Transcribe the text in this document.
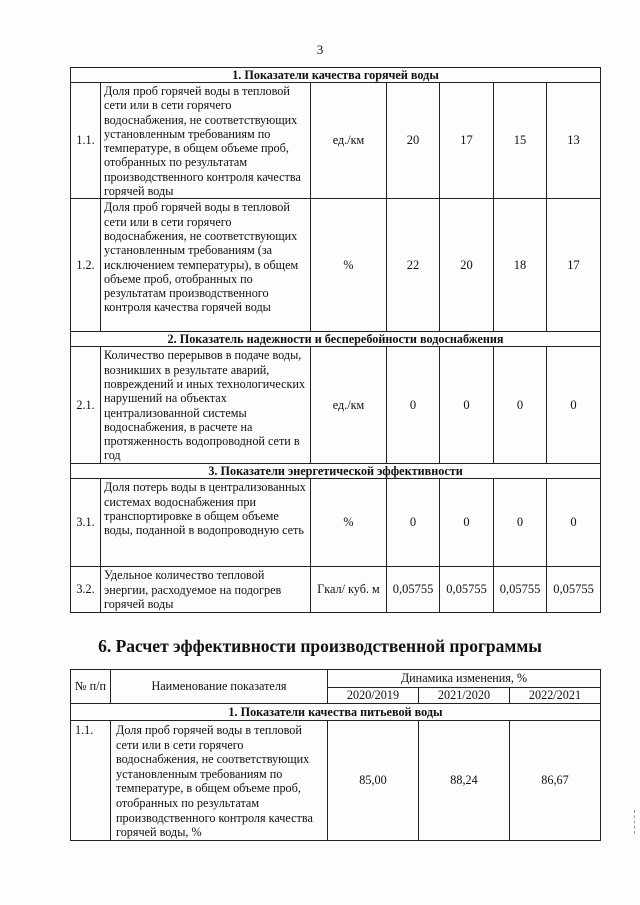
3
1. Показатели качества горячей воды						
1.1.	Доля проб горячей воды в тепловой сети или в сети горячего водоснабжения, не соответствующих установленным требованиям по температуре, в общем объеме проб, отобранных по результатам производственного контроля качества горячей воды	ед./км	20	17	15	13
1.2.	Доля проб горячей воды в тепловой сети или в сети горячего водоснабжения, не соответствующих установленным требованиям (за исключением температуры), в общем объеме проб, отобранных по результатам производственного контроля качества горячей воды	%	22	20	18	17
2. Показатель надежности и бесперебойности водоснабжения						
2.1.	Количество перерывов в подаче воды, возникших в результате аварий, повреждений и иных технологических нарушений на объектах централизованной системы водоснабжения, в расчете на протяженность водопроводной сети в год	ед./км	0	0	0	0
3. Показатели энергетической эффективности						
3.1.	Доля потерь воды в централизованных системах водоснабжения при транспортировке в общем объеме воды, поданной в водопроводную сеть	%	0	0	0	0
3.2.	Удельное количество тепловой энергии, расходуемое на подогрев горячей воды	Гкал/ куб. м	0,05755	0,05755	0,05755	0,05755
6. Расчет эффективности производственной программы
№ п/п	Наименование показателя	Динамика изменения, %		
		2020/2019	2021/2020	2022/2021
1. Показатели качества питьевой воды				
1.1.	Доля проб горячей воды в тепловой сети или в сети горячего водоснабжения, не соответствующих установленным требованиям по температуре, в общем объеме проб, отобранных по результатам производственного контроля качества горячей воды, %	85,00	88,24	86,67
